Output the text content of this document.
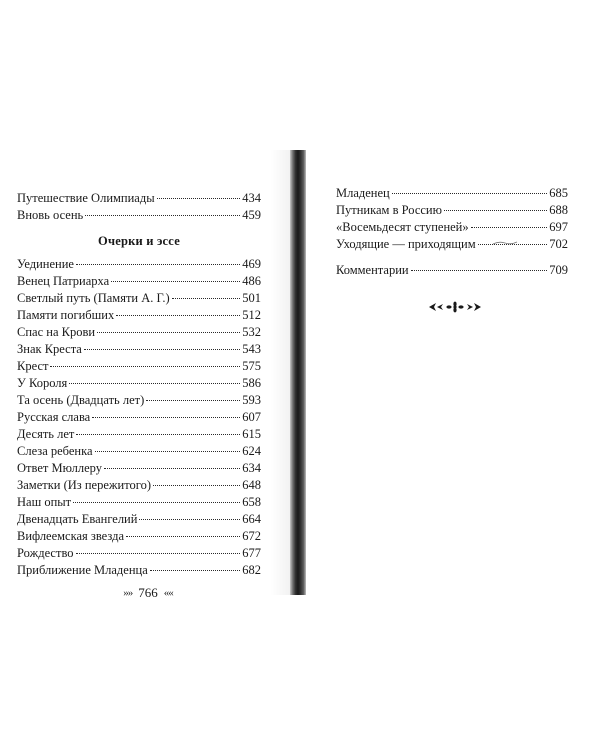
Путешествие Олимпиады	434
Вновь осень	459
Очерки и эссе
Уединение	469
Венец Патриарха	486
Светлый путь (Памяти А. Г.)	501
Памяти погибших	512
Спас на Крови	532
Знак Креста	543
Крест	575
У Короля	586
Та осень (Двадцать лет)	593
Русская слава	607
Десять лет	615
Слеза ребенка	624
Ответ Мюллеру	634
Заметки (Из пережитого)	648
Наш опыт	658
Двенадцать Евангелий	664
Вифлеемская звезда	672
Рождество	677
Приближение Младенца	682
»» 766 ««
Младенец	685
Путникам в Россию	688
«Восемьдесят ступеней»	697
Уходящие — приходящим	702
Комментарии	709
